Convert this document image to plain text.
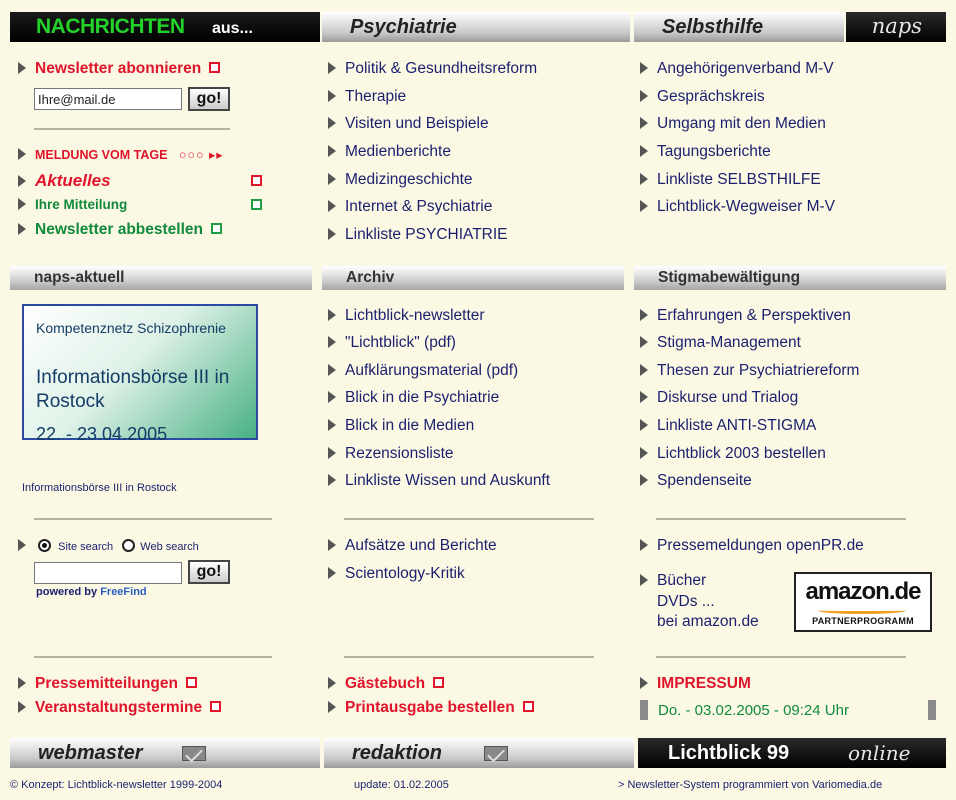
NACHRICHTEN aus...	Psychiatrie	Selbsthilfe	naps
Newsletter abonnieren
Ihre@mail.de
go!
MELDUNG VOM TAGE ○○○ ▸▸
Aktuelles
Ihre Mitteilung
Newsletter abbestellen
Politik & Gesundheitsreform
Therapie
Visiten und Beispiele
Medienberichte
Medizingeschichte
Internet & Psychiatrie
Linkliste PSYCHIATRIE
Angehörigenverband M-V
Gesprächskreis
Umgang mit den Medien
Tagungsberichte
Linkliste SELBSTHILFE
Lichtblick-Wegweiser M-V
naps-aktuell	Archiv	Stigmabewältigung
Kompetenznetz Schizophrenie
Informationsbörse III in Rostock
22. - 23.04.2005
Informationsbörse III in Rostock
Lichtblick-newsletter
"Lichtblick" (pdf)
Aufklärungsmaterial (pdf)
Blick in die Psychiatrie
Blick in die Medien
Rezensionsliste
Linkliste Wissen und Auskunft
Erfahrungen & Perspektiven
Stigma-Management
Thesen zur Psychiatriereform
Diskurse und Trialog
Linkliste ANTI-STIGMA
Lichtblick 2003 bestellen
Spendenseite
Site search Web search
go!
powered by FreeFind
Aufsätze und Berichte
Scientology-Kritik
Pressemeldungen openPR.de
Bücher
DVDs ...
bei amazon.de
amazon.de
PARTNERPROGRAMM
Pressemitteilungen
Veranstaltungstermine
Gästebuch
Printausgabe bestellen
IMPRESSUM
Do. - 03.02.2005 - 09:24 Uhr
webmaster	redaktion	Lichtblick 99	online
© Konzept: Lichtblick-newsletter 1999-2004	update: 01.02.2005	> Newsletter-System programmiert von Variomedia.de
